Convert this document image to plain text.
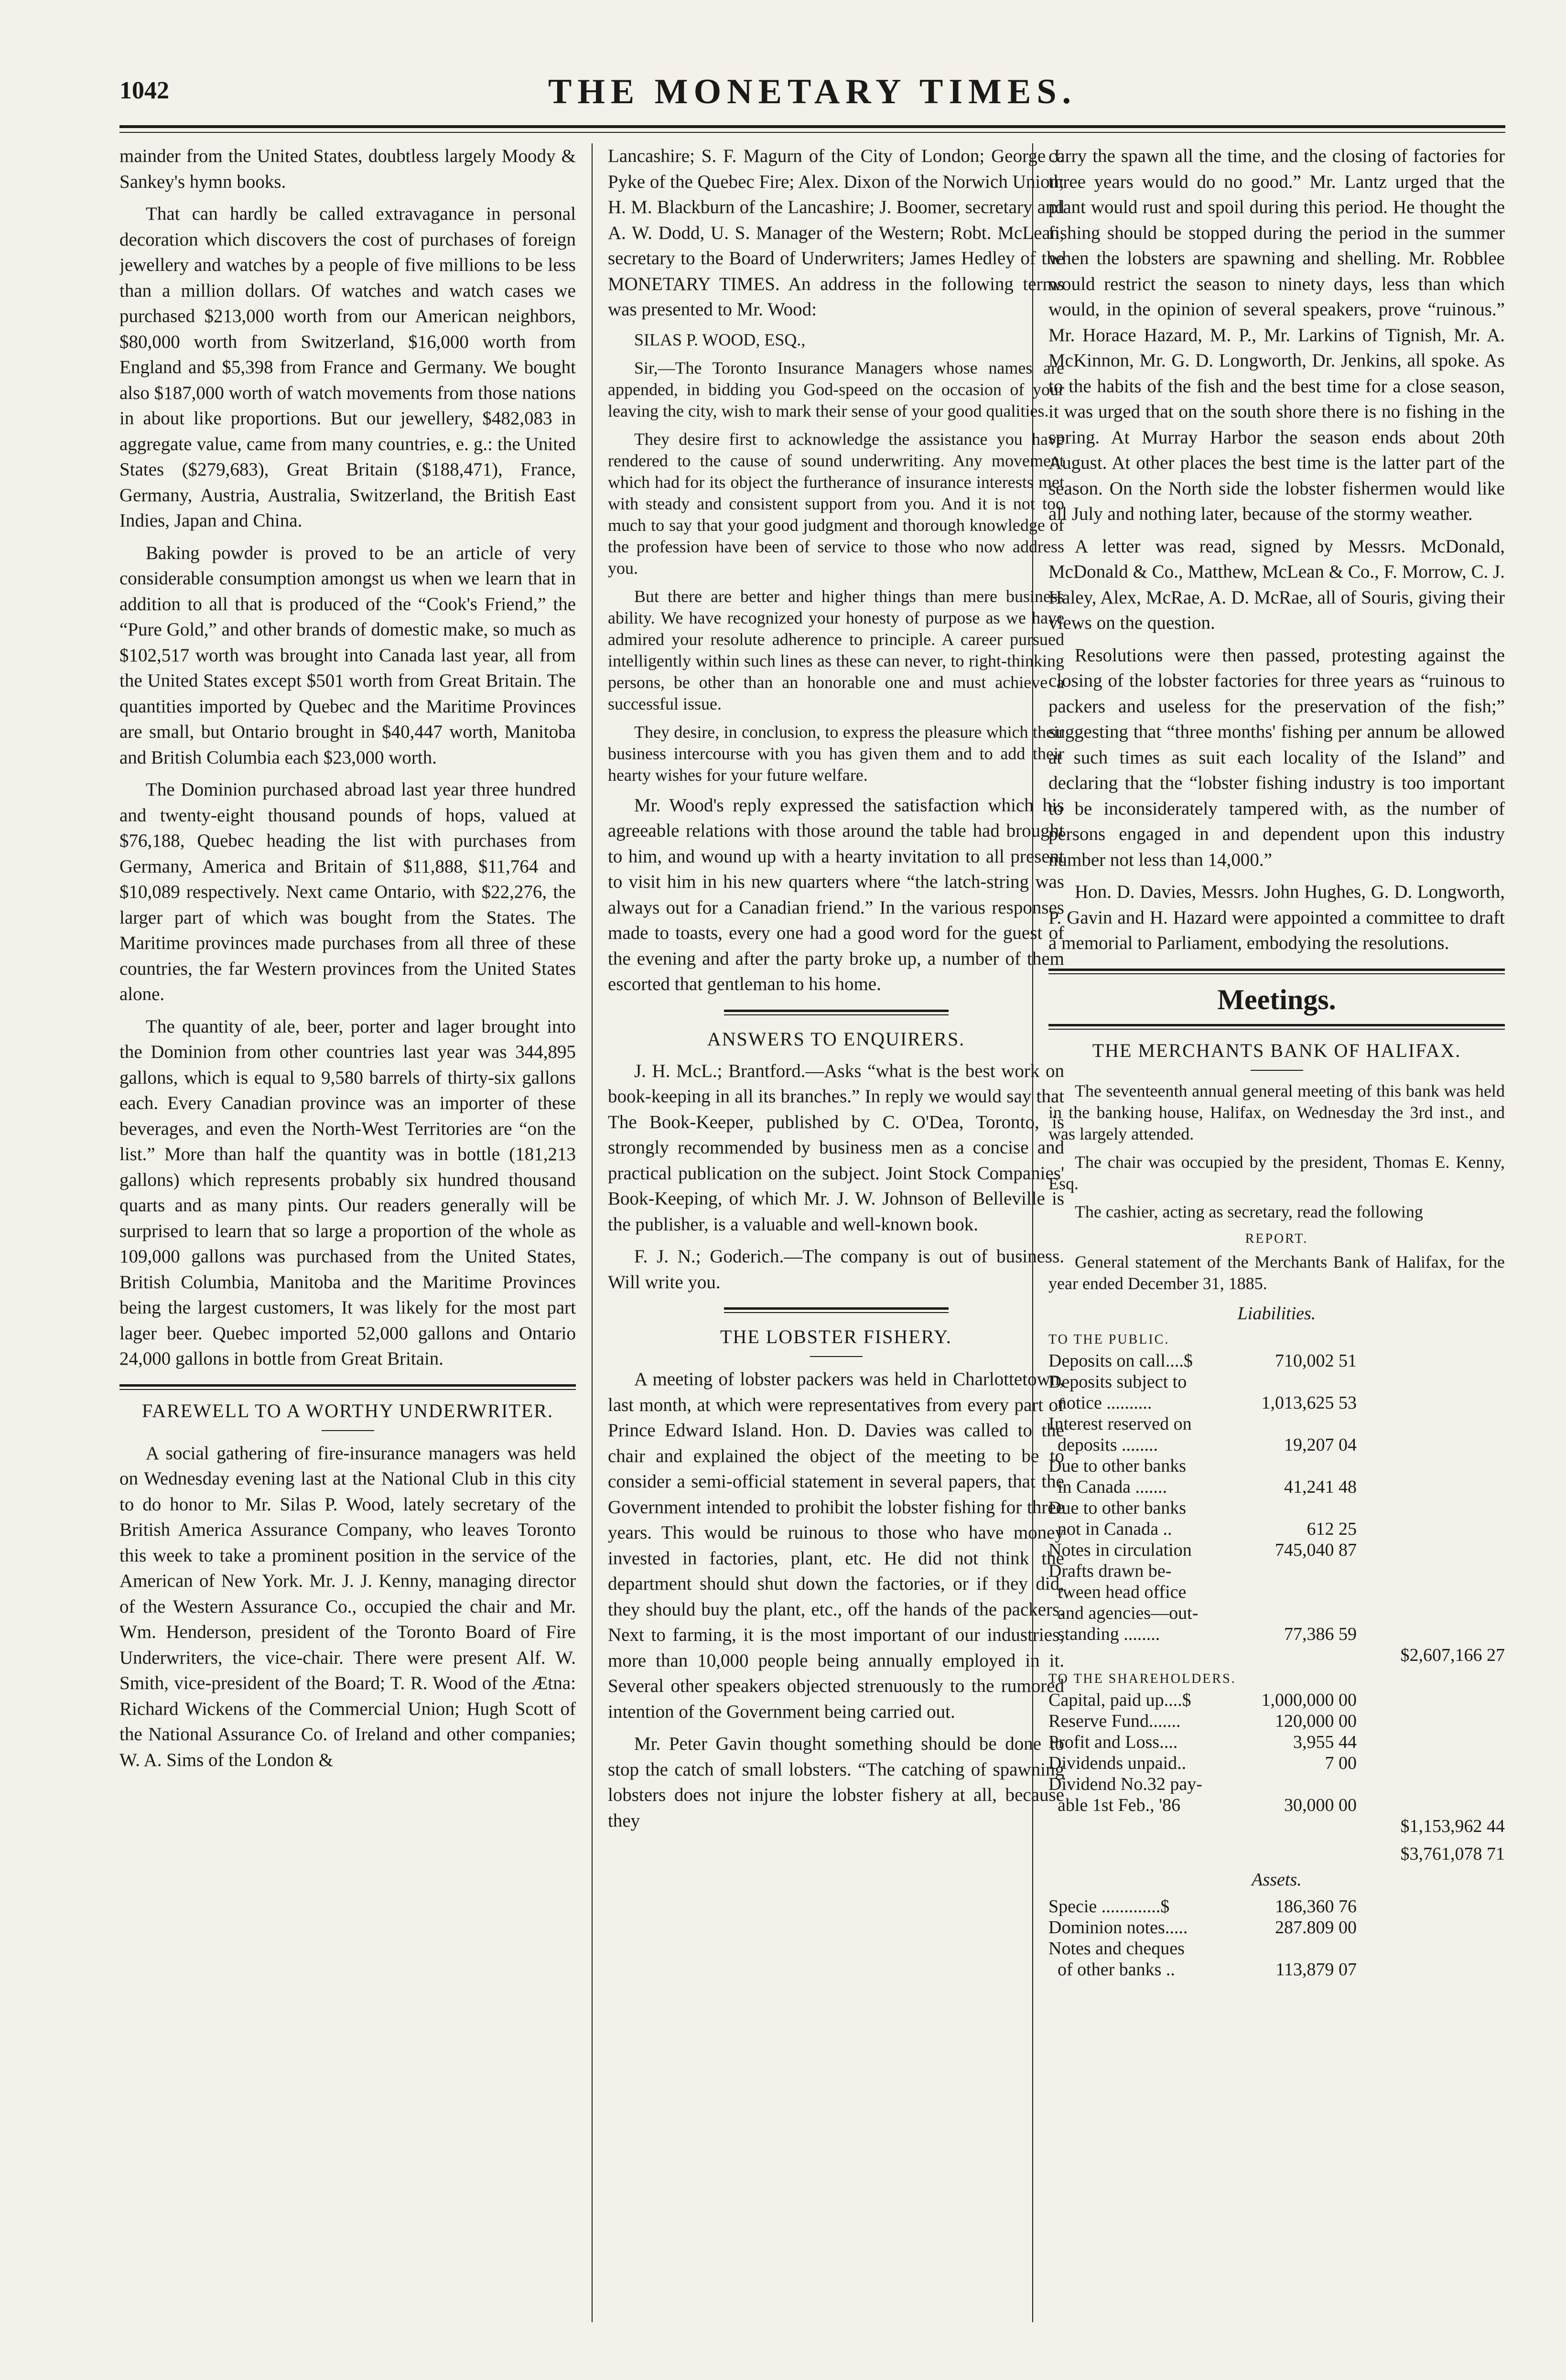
1042	THE MONETARY TIMES.

mainder from the United States, doubtless largely Moody & Sankey's hymn books.

That can hardly be called extravagance in personal decoration which discovers the cost of purchases of foreign jewellery and watches by a people of five millions to be less than a million dollars. Of watches and watch cases we purchased $213,000 worth from our American neighbors, $80,000 worth from Switzerland, $16,000 worth from England and $5,398 from France and Germany. We bought also $187,000 worth of watch movements from those nations in about like proportions. But our jewellery, $482,083 in aggregate value, came from many countries, e. g.: the United States ($279,683), Great Britain ($188,471), France, Germany, Austria, Australia, Switzerland, the British East Indies, Japan and China.

Baking powder is proved to be an article of very considerable consumption amongst us when we learn that in addition to all that is produced of the “Cook's Friend,” the “Pure Gold,” and other brands of domestic make, so much as $102,517 worth was brought into Canada last year, all from the United States except $501 worth from Great Britain. The quantities imported by Quebec and the Maritime Provinces are small, but Ontario brought in $40,447 worth, Manitoba and British Columbia each $23,000 worth.

The Dominion purchased abroad last year three hundred and twenty-eight thousand pounds of hops, valued at $76,188, Quebec heading the list with purchases from Germany, America and Britain of $11,888, $11,764 and $10,089 respectively. Next came Ontario, with $22,276, the larger part of which was bought from the States. The Maritime provinces made purchases from all three of these countries, the far Western provinces from the United States alone.

The quantity of ale, beer, porter and lager brought into the Dominion from other countries last year was 344,895 gallons, which is equal to 9,580 barrels of thirty-six gallons each. Every Canadian province was an importer of these beverages, and even the North-West Territories are “on the list.” More than half the quantity was in bottle (181,213 gallons) which represents probably six hundred thousand quarts and as many pints. Our readers generally will be surprised to learn that so large a proportion of the whole as 109,000 gallons was purchased from the United States, British Columbia, Manitoba and the Maritime Provinces being the largest customers, It was likely for the most part lager beer. Quebec imported 52,000 gallons and Ontario 24,000 gallons in bottle from Great Britain.

FAREWELL TO A WORTHY UNDERWRITER.

A social gathering of fire-insurance managers was held on Wednesday evening last at the National Club in this city to do honor to Mr. Silas P. Wood, lately secretary of the British America Assurance Company, who leaves Toronto this week to take a prominent position in the service of the American of New York. Mr. J. J. Kenny, managing director of the Western Assurance Co., occupied the chair and Mr. Wm. Henderson, president of the Toronto Board of Fire Underwriters, the vice-chair. There were present Alf. W. Smith, vice-president of the Board; T. R. Wood of the Ætna: Richard Wickens of the Commercial Union; Hugh Scott of the National Assurance Co. of Ireland and other companies; W. A. Sims of the London &

Lancashire; S. F. Magurn of the City of London; George J. Pyke of the Quebec Fire; Alex. Dixon of the Norwich Union; H. M. Blackburn of the Lancashire; J. Boomer, secretary and A. W. Dodd, U. S. Manager of the Western; Robt. McLean, secretary to the Board of Underwriters; James Hedley of the MONETARY TIMES. An address in the following terms was presented to Mr. Wood:

SILAS P. WOOD, ESQ.,

Sir,—The Toronto Insurance Managers whose names are appended, in bidding you God-speed on the occasion of your leaving the city, wish to mark their sense of your good qualities.

They desire first to acknowledge the assistance you have rendered to the cause of sound underwriting. Any movement which had for its object the furtherance of insurance interests met with steady and consistent support from you. And it is not too much to say that your good judgment and thorough knowledge of the profession have been of service to those who now address you.

But there are better and higher things than mere business ability. We have recognized your honesty of purpose as we have admired your resolute adherence to principle. A career pursued intelligently within such lines as these can never, to right-thinking persons, be other than an honorable one and must achieve a successful issue.

They desire, in conclusion, to express the pleasure which their business intercourse with you has given them and to add their hearty wishes for your future welfare.

Mr. Wood's reply expressed the satisfaction which his agreeable relations with those around the table had brought to him, and wound up with a hearty invitation to all present to visit him in his new quarters where “the latch-string was always out for a Canadian friend.” In the various responses made to toasts, every one had a good word for the guest of the evening and after the party broke up, a number of them escorted that gentleman to his home.

ANSWERS TO ENQUIRERS.

J. H. McL.; Brantford.—Asks “what is the best work on book-keeping in all its branches.” In reply we would say that The Book-Keeper, published by C. O'Dea, Toronto, is strongly recommended by business men as a concise and practical publication on the subject. Joint Stock Companies' Book-Keeping, of which Mr. J. W. Johnson of Belleville is the publisher, is a valuable and well-known book.

F. J. N.; Goderich.—The company is out of business. Will write you.

THE LOBSTER FISHERY.

A meeting of lobster packers was held in Charlottetown, last month, at which were representatives from every part of Prince Edward Island. Hon. D. Davies was called to the chair and explained the object of the meeting to be to consider a semi-official statement in several papers, that the Government intended to prohibit the lobster fishing for three years. This would be ruinous to those who have money invested in factories, plant, etc. He did not think the department should shut down the factories, or if they did, they should buy the plant, etc., off the hands of the packers. Next to farming, it is the most important of our industries, more than 10,000 people being annually employed in it. Several other speakers objected strenuously to the rumored intention of the Government being carried out.

Mr. Peter Gavin thought something should be done to stop the catch of small lobsters. “The catching of spawning lobsters does not injure the lobster fishery at all, because they

carry the spawn all the time, and the closing of factories for three years would do no good.” Mr. Lantz urged that the plant would rust and spoil during this period. He thought the fishing should be stopped during the period in the summer when the lobsters are spawning and shelling. Mr. Robblee would restrict the season to ninety days, less than which would, in the opinion of several speakers, prove “ruinous.” Mr. Horace Hazard, M. P., Mr. Larkins of Tignish, Mr. A. McKinnon, Mr. G. D. Longworth, Dr. Jenkins, all spoke. As to the habits of the fish and the best time for a close season, it was urged that on the south shore there is no fishing in the spring. At Murray Harbor the season ends about 20th August. At other places the best time is the latter part of the season. On the North side the lobster fishermen would like all July and nothing later, because of the stormy weather.

A letter was read, signed by Messrs. McDonald, McDonald & Co., Matthew, McLean & Co., F. Morrow, C. J. Haley, Alex, McRae, A. D. McRae, all of Souris, giving their views on the question.

Resolutions were then passed, protesting against the closing of the lobster factories for three years as “ruinous to packers and useless for the preservation of the fish;” suggesting that “three months' fishing per annum be allowed at such times as suit each locality of the Island” and declaring that the “lobster fishing industry is too important to be inconsiderately tampered with, as the number of persons engaged in and dependent upon this industry number not less than 14,000.”

Hon. D. Davies, Messrs. John Hughes, G. D. Longworth, P. Gavin and H. Hazard were appointed a committee to draft a memorial to Parliament, embodying the resolutions.

Meetings.
THE MERCHANTS BANK OF HALIFAX.

The seventeenth annual general meeting of this bank was held in the banking house, Halifax, on Wednesday the 3rd inst., and was largely attended.

The chair was occupied by the president, Thomas E. Kenny, Esq.

The cashier, acting as secretary, read the following

REPORT.

General statement of the Merchants Bank of Halifax, for the year ended December 31, 1885.

Liabilities.
TO THE PUBLIC.
Deposits on call....$	710,002 51
Deposits subject to
notice ..........	1,013,625 53
Interest reserved on
deposits ........	19,207 04
Due to other banks
in Canada .......	41,241 48
Due to other banks
not in Canada ..	612 25
Notes in circulation	745,040 87
Drafts drawn be-
tween head office
and agencies—out-
standing ........	77,386 59
$2,607,166 27
TO THE SHAREHOLDERS.
Capital, paid up....$	1,000,000 00
Reserve Fund.......	120,000 00
Profit and Loss....	3,955 44
Dividends unpaid..	7 00
Dividend No.32 pay-
able 1st Feb., '86	30,000 00
$1,153,962 44
$3,761,078 71
Assets.
Specie .............$	186,360 76
Dominion notes.....	287.809 00
Notes and cheques
of other banks ..	113,879 07
